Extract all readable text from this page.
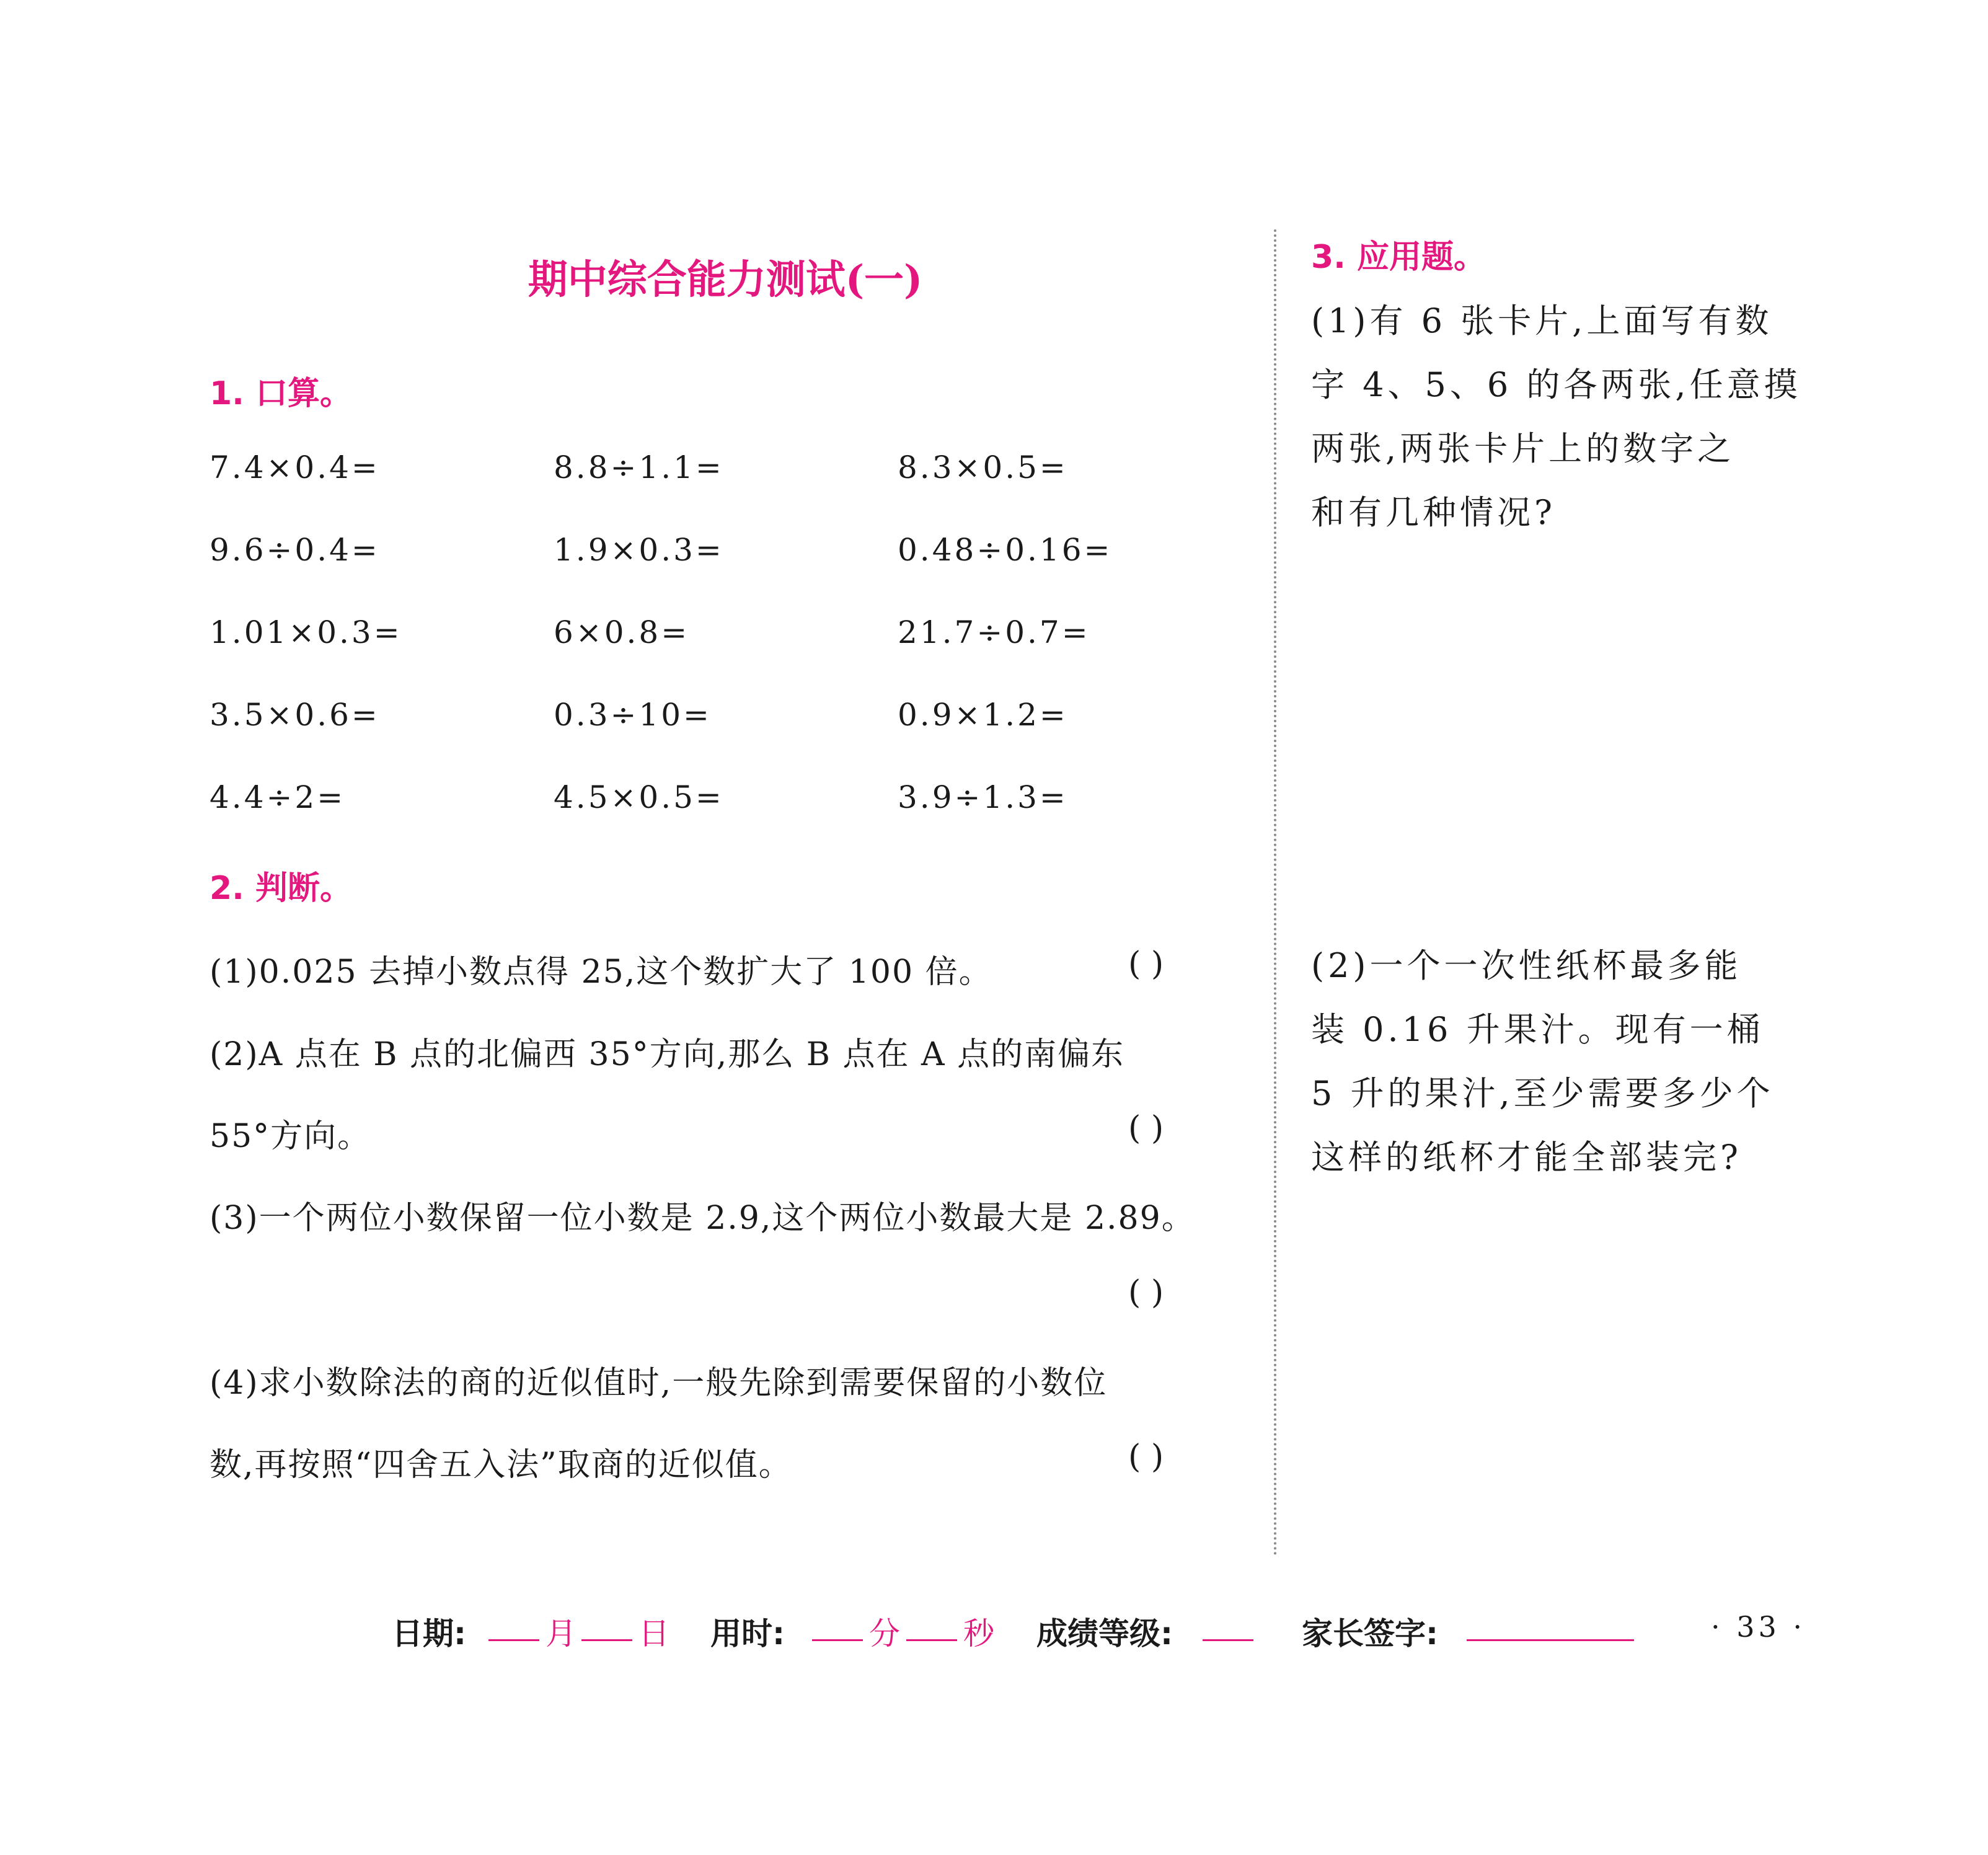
期中综合能力测试(一)
1. 口算。
7.4×0.4=	8.8÷1.1=	8.3×0.5=
9.6÷0.4=	1.9×0.3=	0.48÷0.16=
1.01×0.3=	6×0.8=	21.7÷0.7=
3.5×0.6=	0.3÷10=	0.9×1.2=
4.4÷2=	4.5×0.5=	3.9÷1.3=
2. 判断。
(1)0.025 去掉小数点得 25,这个数扩大了 100 倍。	( )
(2)A 点在 B 点的北偏西 35°方向,那么 B 点在 A 点的南偏东
55°方向。	( )
(3)一个两位小数保留一位小数是 2.9,这个两位小数最大是 2.89。
( )
(4)求小数除法的商的近似值时,一般先除到需要保留的小数位
数,再按照“四舍五入法”取商的近似值。	( )
3. 应用题。
(1)有 6 张卡片,上面写有数
字 4、5、6 的各两张,任意摸
两张,两张卡片上的数字之
和有几种情况?
(2)一个一次性纸杯最多能
装 0.16 升果汁。现有一桶
5 升的果汁,至少需要多少个
这样的纸杯才能全部装完?
日期:	月 日 用时:	分 秒 成绩等级:	家长签字:	· 33 ·
